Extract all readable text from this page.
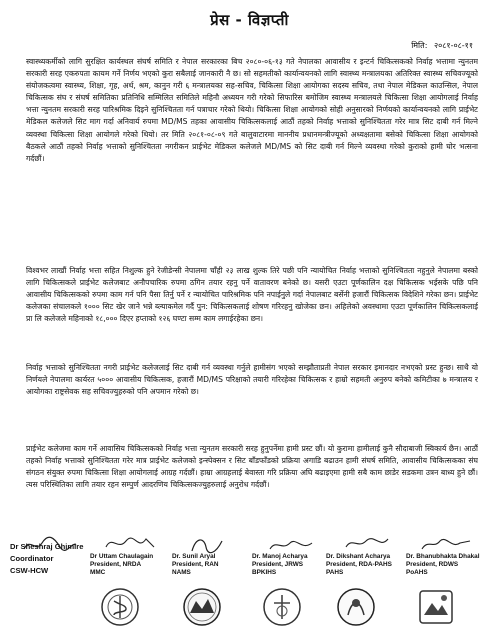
प्रेस - विज्ञप्ती
मिति: २०८१-०८-११

स्वास्थ्यकर्मीको लागि सुरक्षित कार्यस्थल संघर्ष समिति र नेपाल सरकारका बिच २०८०-०६-१३ गते नेपालका आवासीय र इन्टर्न चिकित्सकको निर्वाह भत्तामा न्युनतम सरकारी सरह एकरुपता कायम गर्ने निर्णय भएको कुरा सबैलाई जानकारी नै छ। सो सहमतीको कार्यान्वयनको लागि स्वास्थ्य मन्त्रालयका अतिरिक्त स्वास्थ्य सचिवज्यूको संयोजकत्वमा स्वास्थ्य, शिक्षा, गृह, अर्थ, श्रम, कानुन गरी ६ मन्त्रालयका सह-सचिव, चिकित्सा शिक्षा आयोगका सदस्य सचिव, तथा नेपाल मेडिकल काउन्सिल, नेपाल चिकित्सक संघ र संघर्ष समितिका प्रतिनिधि सम्मिलित समितिले महिनौ अध्ययन गरी गरेको सिफारिस बमोजिम स्वास्थ्य मन्त्रालयले चिकित्सा शिक्षा आयोगलाई निर्वाह भत्ता न्युनतम सरकारी सरह पारिश्रमिक दिइने सुनिश्चितता गर्न पत्राचार गरेको थियो। चिकित्सा शिक्षा आयोगको सोही अनुसारको निर्णयको कार्यान्वयनको लागि प्राईभेट मेडिकल कलेजले सिट माग गर्दा अनिवार्य रुपमा MD/MS तहका आवासीय चिकित्सकलाई आठौं तहको निर्वाह भत्ताको सुनिश्चितता गरेर मात्र सिट दाबी गर्न मिल्ने व्यवस्था चिकित्सा शिक्षा आयोगले गरेको थियो। तर मिति २०८१-०८-०९ गते बालुवाटारमा माननीय प्रधानमन्त्रीज्यूको अध्यक्षतामा बसेको चिकित्सा शिक्षा आयोगको बैठकले आठौं तहको निर्वाह भत्ताको सुनिश्चितता नगरीकन प्राईभेट मेडिकल कलेजले MD/MS को सिट दाबी गर्न मिल्ने व्यवस्था गरेको कुराको हामी घोर भत्सना गर्दछौं।

विश्वभर लाखौं निर्वाह भत्ता सहित निशुल्क हुने रेजीडेन्सी नेपालमा चाँही २३ लाख शुल्क तिरे पछी पनि न्यायोचित निर्वाह भत्ताको सुनिश्चितता नहुनुले नेपालमा बस्को लागि चिकित्सकले प्राईभेट कलेजबाट अनौपचारिक रुपमा ठगिन तयार रहनु पर्ने वातावरण बनेको छ। यसरी एउटा पूर्णकालिन दक्ष चिकित्सक भईसके पछि पनि आवासीय चिकित्सकको रुपमा काम गर्न पनि पैसा तिर्नु पर्ने र न्यायोचित पारिश्रमिक पनि नपाईनुले गर्दा नेपालबाट बर्सेनी हजारौं चिकित्सक विदेशिने गरेका छन। प्राईभेट कलेजका संचालकले १००० सिट खेर जाने भन्ने ब्ल्याकमेल गर्दै पुन: चिकित्सकलाई शोषण गरिरहनु खोजेका छन। अहिलेको अवस्थामा एउटा पूर्णकालिन चिकित्सकलाई प्रा लि कलेजले महिनाको १८,००० दिएर हप्ताको १२६ घण्टा सम्म काम लगाईरहेका छन।

निर्वाह भत्ताको सुनिश्चितता नगरी प्राईभेट कलेजलाई सिट दाबी गर्न व्यवस्था गर्नुले हामीसंग भएको सम्झौताप्रती नेपाल सरकार इमानदार नभएको प्रस्ट हुन्छ। साथै यो निर्णयले नेपालमा कार्यरत ५००० आवासीय चिकित्सक, हजारौं MD/MS परिक्षाको तयारी गरिरहेका चिकित्सक र हाम्रो सहमती अनुरुप बनेको कमिटीका ७ मन्त्रालय र आयोगका राष्ट्रसेवक सह सचिवज्युहरुको पनि अपमान गरेको छ।

प्राईभेट कलेजमा काम गर्ने आवासिय चिकित्सकको निर्वाह भत्ता न्युनतम सरकारी सरह हुनुपर्नेमा हामी प्रस्ट छौं। यो कुरामा हामीलाई कुनै सौदाबाजी स्विकार्य छैन। आठौं तहको निर्वाह भत्ताको सुनिश्चितता गरेर मात्र प्राईभेट कलेजको इन्स्पेक्सन र सिट बाँडफाँडको प्रक्रिया अगाडि बढाउन हामी संघर्ष समिति, आवासीय चिकित्सकका संघ संगठन संयुक्त रुपमा चिकित्सा शिक्षा आयोगलाई आग्रह गर्दछौं। हाम्रा आग्रहलाई बेवास्ता गरि प्रक्रिया अघि बढाइएमा हामी सबै काम छाडेर सडकमा उत्रन बाध्य हुने छौं। त्यस परिस्थितिका लागि तयार रहन सम्पुर्ण आदरणिय चिकित्सकज्युहरुलाई अनुरोध गर्दछौं।

Dr Sheshraj Ghimire
Coordinator
CSW-HCW
Dr Uttam Chaulagain
President, NRDA
MMC
Dr. Sunil Aryal
President, RAN
NAMS
Dr. Manoj Acharya
President, JRWS
BPKIHS
Dr. Dikshant Acharya
President, RDA-PAHS
PAHS
Dr. Bhanubhakta Dhakal
President, RDWS
PoAHS
